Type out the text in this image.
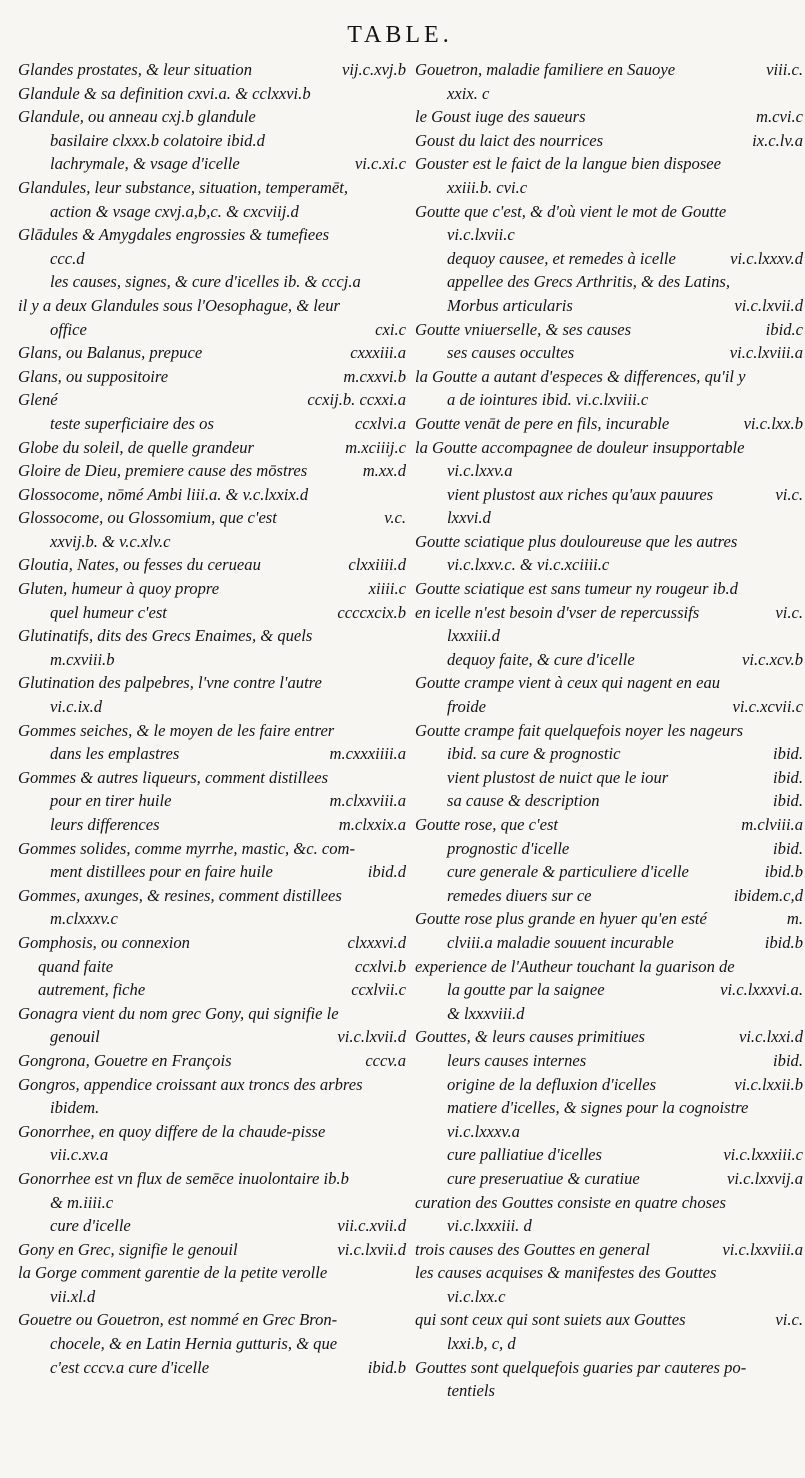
TABLE.
Glandes prostates, & leur situation	vij.c.xvj.b
Glandule & sa definition cxvi.a. & cclxxvi.b
Glandule, ou anneau cxj.b glandule
basilaire clxxx.b colatoire ibid.d
lachrymale, & vsage d'icelle	vi.c.xi.c
Glandules, leur substance, situation, temperamēt,
action & vsage cxvj.a,b,c. & cxcviij.d
Glādules & Amygdales engrossies & tumefiees
ccc.d
les causes, signes, & cure d'icelles ib. & cccj.a
il y a deux Glandules sous l'Oesophague, & leur
office	cxi.c
Glans, ou Balanus, prepuce	cxxxiii.a
Glans, ou suppositoire	m.cxxvi.b
Glené	ccxij.b. ccxxi.a
teste superficiaire des os	ccxlvi.a
Globe du soleil, de quelle grandeur	m.xciiij.c
Gloire de Dieu, premiere cause des mōstres	m.xx.d
Glossocome, nōmé Ambi liii.a. & v.c.lxxix.d
Glossocome, ou Glossomium, que c'est	v.c.
xxvij.b. & v.c.xlv.c
Gloutia, Nates, ou fesses du cerueau	clxxiiii.d
Gluten, humeur à quoy propre	xiiii.c
quel humeur c'est	ccccxcix.b
Glutinatifs, dits des Grecs Enaimes, & quels
m.cxviii.b
Glutination des palpebres, l'vne contre l'autre
vi.c.ix.d
Gommes seiches, & le moyen de les faire entrer
dans les emplastres	m.cxxxiiii.a
Gommes & autres liqueurs, comment distillees
pour en tirer huile	m.clxxviii.a
leurs differences	m.clxxix.a
Gommes solides, comme myrrhe, mastic, &c. com-
ment distillees pour en faire huile	ibid.d
Gommes, axunges, & resines, comment distillees
m.clxxxv.c
Gomphosis, ou connexion	clxxxvi.d
quand faite	ccxlvi.b
autrement, fiche	ccxlvii.c
Gonagra vient du nom grec Gony, qui signifie le
genouil	vi.c.lxvii.d
Gongrona, Gouetre en François	cccv.a
Gongros, appendice croissant aux troncs des arbres
ibidem.
Gonorrhee, en quoy differe de la chaude-pisse
vii.c.xv.a
Gonorrhee est vn flux de semēce inuolontaire ib.b
& m.iiii.c
cure d'icelle	vii.c.xvii.d
Gony en Grec, signifie le genouil	vi.c.lxvii.d
la Gorge comment garentie de la petite verolle
vii.xl.d
Gouetre ou Gouetron, est nommé en Grec Bron-
chocele, & en Latin Hernia gutturis, & que
c'est cccv.a cure d'icelle	ibid.b
Gouetron, maladie familiere en Sauoye	viii.c.
xxix. c
le Goust iuge des saueurs	m.cvi.c
Goust du laict des nourrices	ix.c.lv.a
Gouster est le faict de la langue bien disposee
xxiii.b. cvi.c
Goutte que c'est, & d'où vient le mot de Goutte
vi.c.lxvii.c
dequoy causee, et remedes à icelle	vi.c.lxxxv.d
appellee des Grecs Arthritis, & des Latins,
Morbus articularis	vi.c.lxvii.d
Goutte vniuerselle, & ses causes	ibid.c
ses causes occultes	vi.c.lxviii.a
la Goutte a autant d'especes & differences, qu'il y
a de iointures ibid. vi.c.lxviii.c
Goutte venāt de pere en fils, incurable	vi.c.lxx.b
la Goutte accompagnee de douleur insupportable
vi.c.lxxv.a
vient plustost aux riches qu'aux pauures	vi.c.
lxxvi.d
Goutte sciatique plus douloureuse que les autres
vi.c.lxxv.c. & vi.c.xciiii.c
Goutte sciatique est sans tumeur ny rougeur ib.d
en icelle n'est besoin d'vser de repercussifs	vi.c.
lxxxiii.d
dequoy faite, & cure d'icelle	vi.c.xcv.b
Goutte crampe vient à ceux qui nagent en eau
froide	vi.c.xcvii.c
Goutte crampe fait quelquefois noyer les nageurs
ibid. sa cure & prognostic	ibid.
vient plustost de nuict que le iour	ibid.
sa cause & description	ibid.
Goutte rose, que c'est	m.clviii.a
prognostic d'icelle	ibid.
cure generale & particuliere d'icelle	ibid.b
remedes diuers sur ce	ibidem.c,d
Goutte rose plus grande en hyuer qu'en esté	m.
clviii.a maladie souuent incurable	ibid.b
experience de l'Autheur touchant la guarison de
la goutte par la saignee	vi.c.lxxxvi.a.
& lxxxviii.d
Gouttes, & leurs causes primitiues	vi.c.lxxi.d
leurs causes internes	ibid.
origine de la defluxion d'icelles	vi.c.lxxii.b
matiere d'icelles, & signes pour la cognoistre
vi.c.lxxxv.a
cure palliatiue d'icelles	vi.c.lxxxiii.c
cure preseruatiue & curatiue	vi.c.lxxvij.a
curation des Gouttes consiste en quatre choses
vi.c.lxxxiii. d
trois causes des Gouttes en general	vi.c.lxxviii.a
les causes acquises & manifestes des Gouttes
vi.c.lxx.c
qui sont ceux qui sont suiets aux Gouttes	vi.c.
lxxi.b, c, d
Gouttes sont quelquefois guaries par cauteres po-
tentiels
